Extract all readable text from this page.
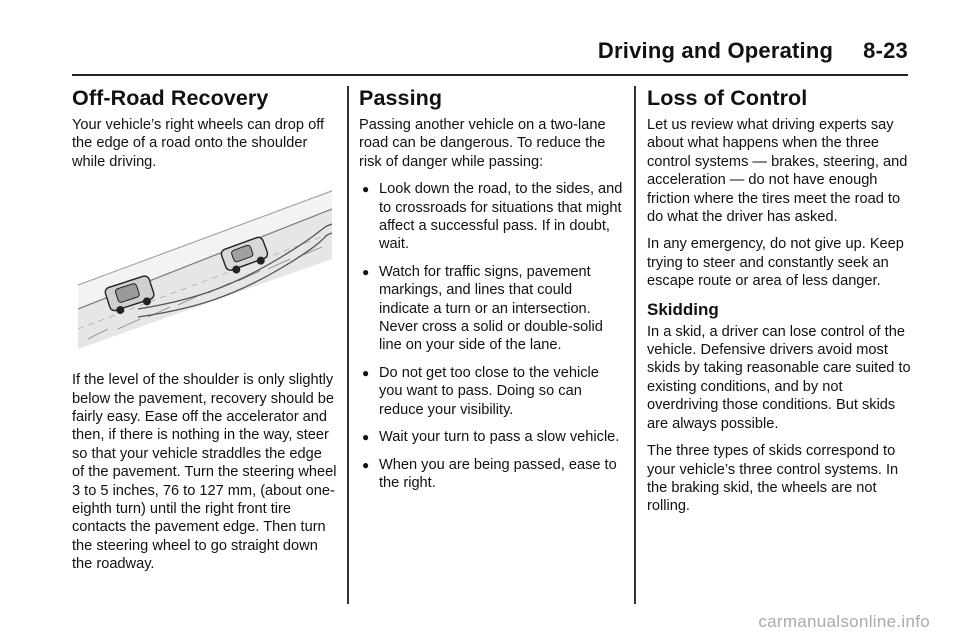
Driving and Operating 8-23
Off-Road Recovery

Your vehicle’s right wheels can drop off the edge of a road onto the shoulder while driving.

If the level of the shoulder is only slightly below the pavement, recovery should be fairly easy. Ease off the accelerator and then, if there is nothing in the way, steer so that your vehicle straddles the edge of the pavement. Turn the steering wheel 3 to 5 inches, 76 to 127 mm, (about one-eighth turn) until the right front tire contacts the pavement edge. Then turn the steering wheel to go straight down the roadway.

Passing

Passing another vehicle on a two-lane road can be dangerous. To reduce the risk of danger while passing:

● Look down the road, to the sides, and to crossroads for situations that might affect a successful pass. If in doubt, wait.
● Watch for traffic signs, pavement markings, and lines that could indicate a turn or an intersection. Never cross a solid or double-solid line on your side of the lane.
● Do not get too close to the vehicle you want to pass. Doing so can reduce your visibility.
● Wait your turn to pass a slow vehicle.
● When you are being passed, ease to the right.
Loss of Control

Let us review what driving experts say about what happens when the three control systems — brakes, steering, and acceleration — do not have enough friction where the tires meet the road to do what the driver has asked.

In any emergency, do not give up. Keep trying to steer and constantly seek an escape route or area of less danger.

Skidding

In a skid, a driver can lose control of the vehicle. Defensive drivers avoid most skids by taking reasonable care suited to existing conditions, and by not overdriving those conditions. But skids are always possible.

The three types of skids correspond to your vehicle’s three control systems. In the braking skid, the wheels are not rolling.

carmanualsonline.info
